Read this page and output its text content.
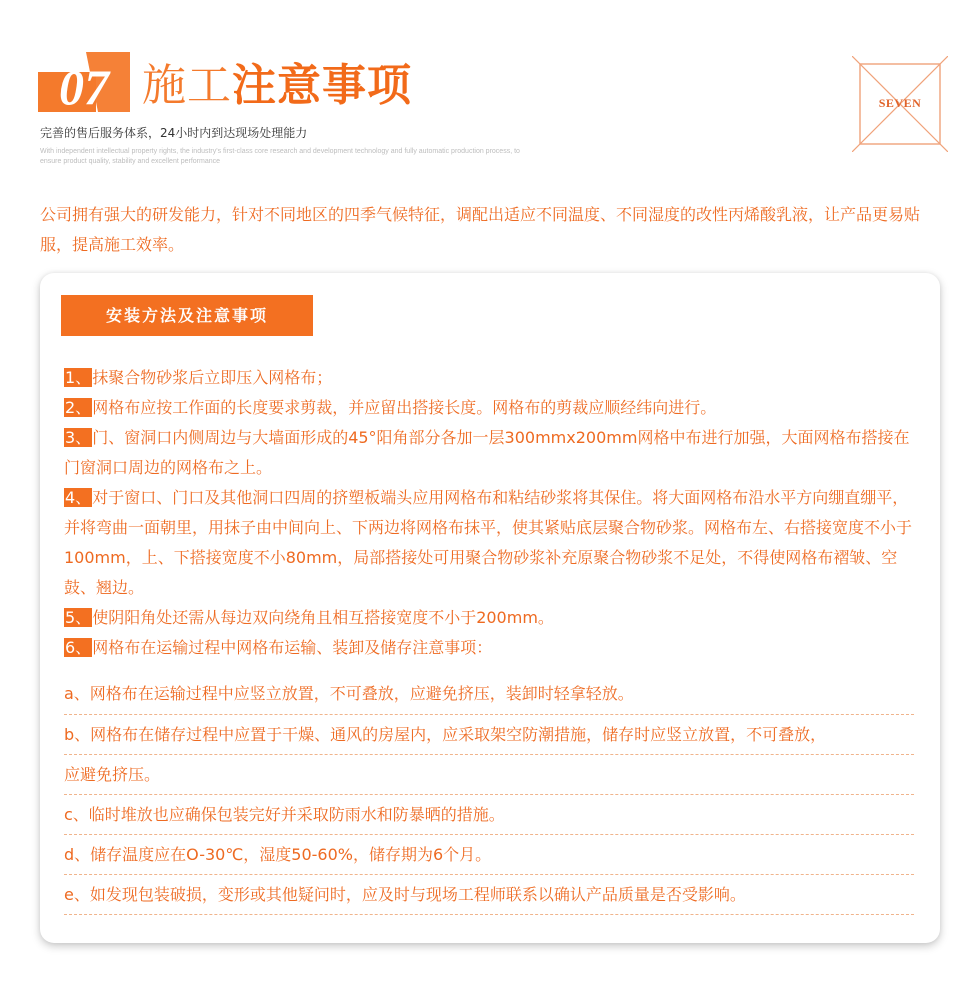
07 施工注意事项
完善的售后服务体系，24小时内到达现场处理能力
With independent intellectual property rights, the industry's first-class core research and development technology and fully automatic production process, to ensure product quality, stability and excellent performance
SEVEN
公司拥有强大的研发能力，针对不同地区的四季气候特征，调配出适应不同温度、不同湿度的改性丙烯酸乳液，让产品更易贴服，提高施工效率。
安装方法及注意事项

1、抹聚合物砂浆后立即压入网格布；

2、网格布应按工作面的长度要求剪裁，并应留出搭接长度。网格布的剪裁应顺经纬向进行。

3、门、窗洞口内侧周边与大墙面形成的45°阳角部分各加一层300mmx200mm网格中布进行加强，大面网格布搭接在门窗洞口周边的网格布之上。

4、对于窗口、门口及其他洞口四周的挤塑板端头应用网格布和粘结砂浆将其保住。将大面网格布沿水平方向绷直绷平，并将弯曲一面朝里，用抹子由中间向上、下两边将网格布抹平，使其紧贴底层聚合物砂浆。网格布左、右搭接宽度不小于100mm，上、下搭接宽度不小80mm，局部搭接处可用聚合物砂浆补充原聚合物砂浆不足处，不得使网格布褶皱、空鼓、翘边。

5、使阴阳角处还需从每边双向绕角且相互搭接宽度不小于200mm。

6、网格布在运输过程中网格布运输、装卸及储存注意事项：

a、网格布在运输过程中应竖立放置，不可叠放，应避免挤压，装卸时轻拿轻放。
b、网格布在储存过程中应置于干燥、通风的房屋内，应采取架空防潮措施，储存时应竖立放置，不可叠放，
应避免挤压。
c、临时堆放也应确保包装完好并采取防雨水和防暴晒的措施。
d、储存温度应在O-30℃，湿度50-60%，储存期为6个月。
e、如发现包装破损，变形或其他疑问时，应及时与现场工程师联系以确认产品质量是否受影响。
